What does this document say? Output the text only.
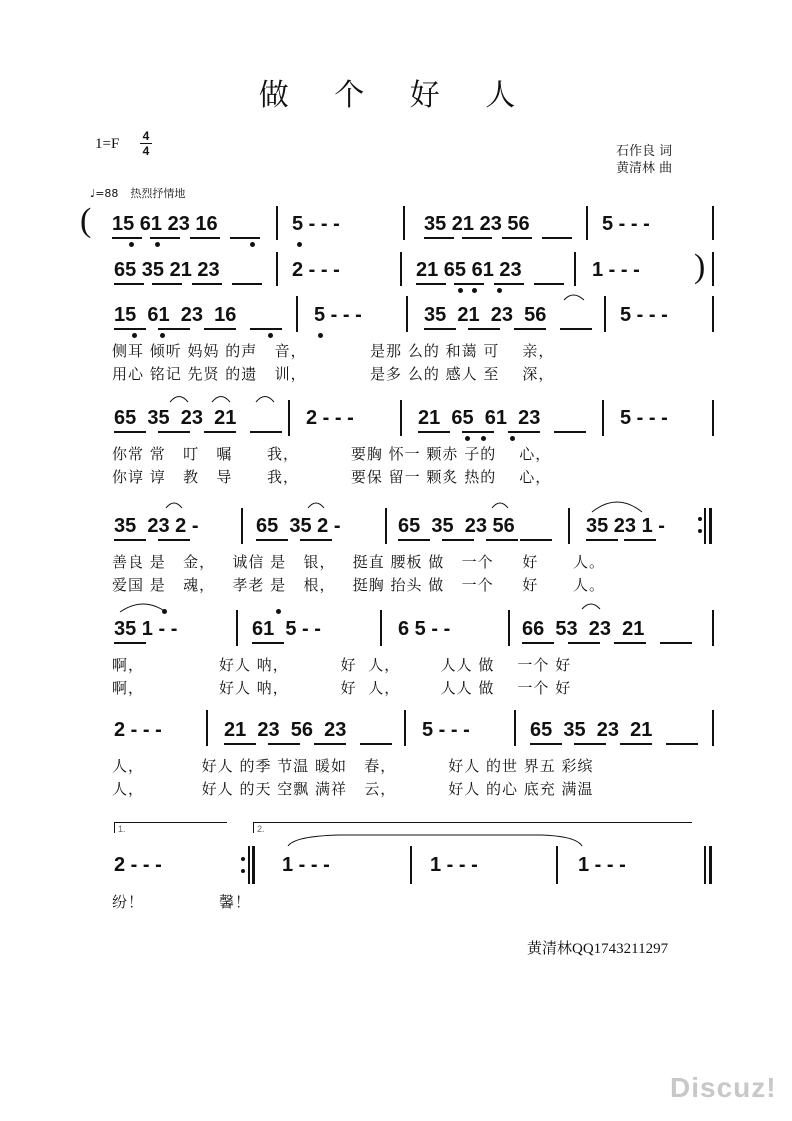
做 个 好 人
1=F 4
4	石作良 词
黄清林 曲
♩=88 热烈抒情地
(
)
15 61 23 16	5 - - -	35 21 23 56	5 - - -
65 35 21 23	2 - - -	21 65 61 23	1 - - -
15  61  23  16	5 - - -	35  21  23  56	5 - - -
65  35  23  21	2 - - -	21  65  61  23	5 - - -
35  23 2 -	65  35 2 -	65  35  23 56	35 23 1 -
35 1 - -	61  5 - -	6 5 - -	66  53  23  21
2 - - -	21  23  56  23	5 - - -	65  35  23  21
2 - - -	1 - - -	1 - - -	1 - - -
侧耳 倾听 妈妈 的声   音，           是那 么的 和蔼 可    亲，
用心 铭记 先贤 的遗   训，           是多 么的 感人 至    深，
你常 常   叮   嘱      我，         要胸 怀一 颗赤 子的    心，
你谆 谆   教   导      我，         要保 留一 颗炙 热的    心，
善良 是   金，   诚信 是   银，   挺直 腰板 做   一个     好      人。
爱国 是   魂，   孝老 是   根，   挺胸 抬头 做   一个     好      人。
啊，             好人 呐，         好  人，       人人 做    一个 好
啊，             好人 呐，         好  人，       人人 做    一个 好
人，          好人 的季 节温 暖如   春，         好人 的世 界五 彩缤
人，          好人 的天 空飘 满祥   云，         好人 的心 底充 满温
纷！             馨！
1.	2.
黄清林QQ1743211297
Discuz!
